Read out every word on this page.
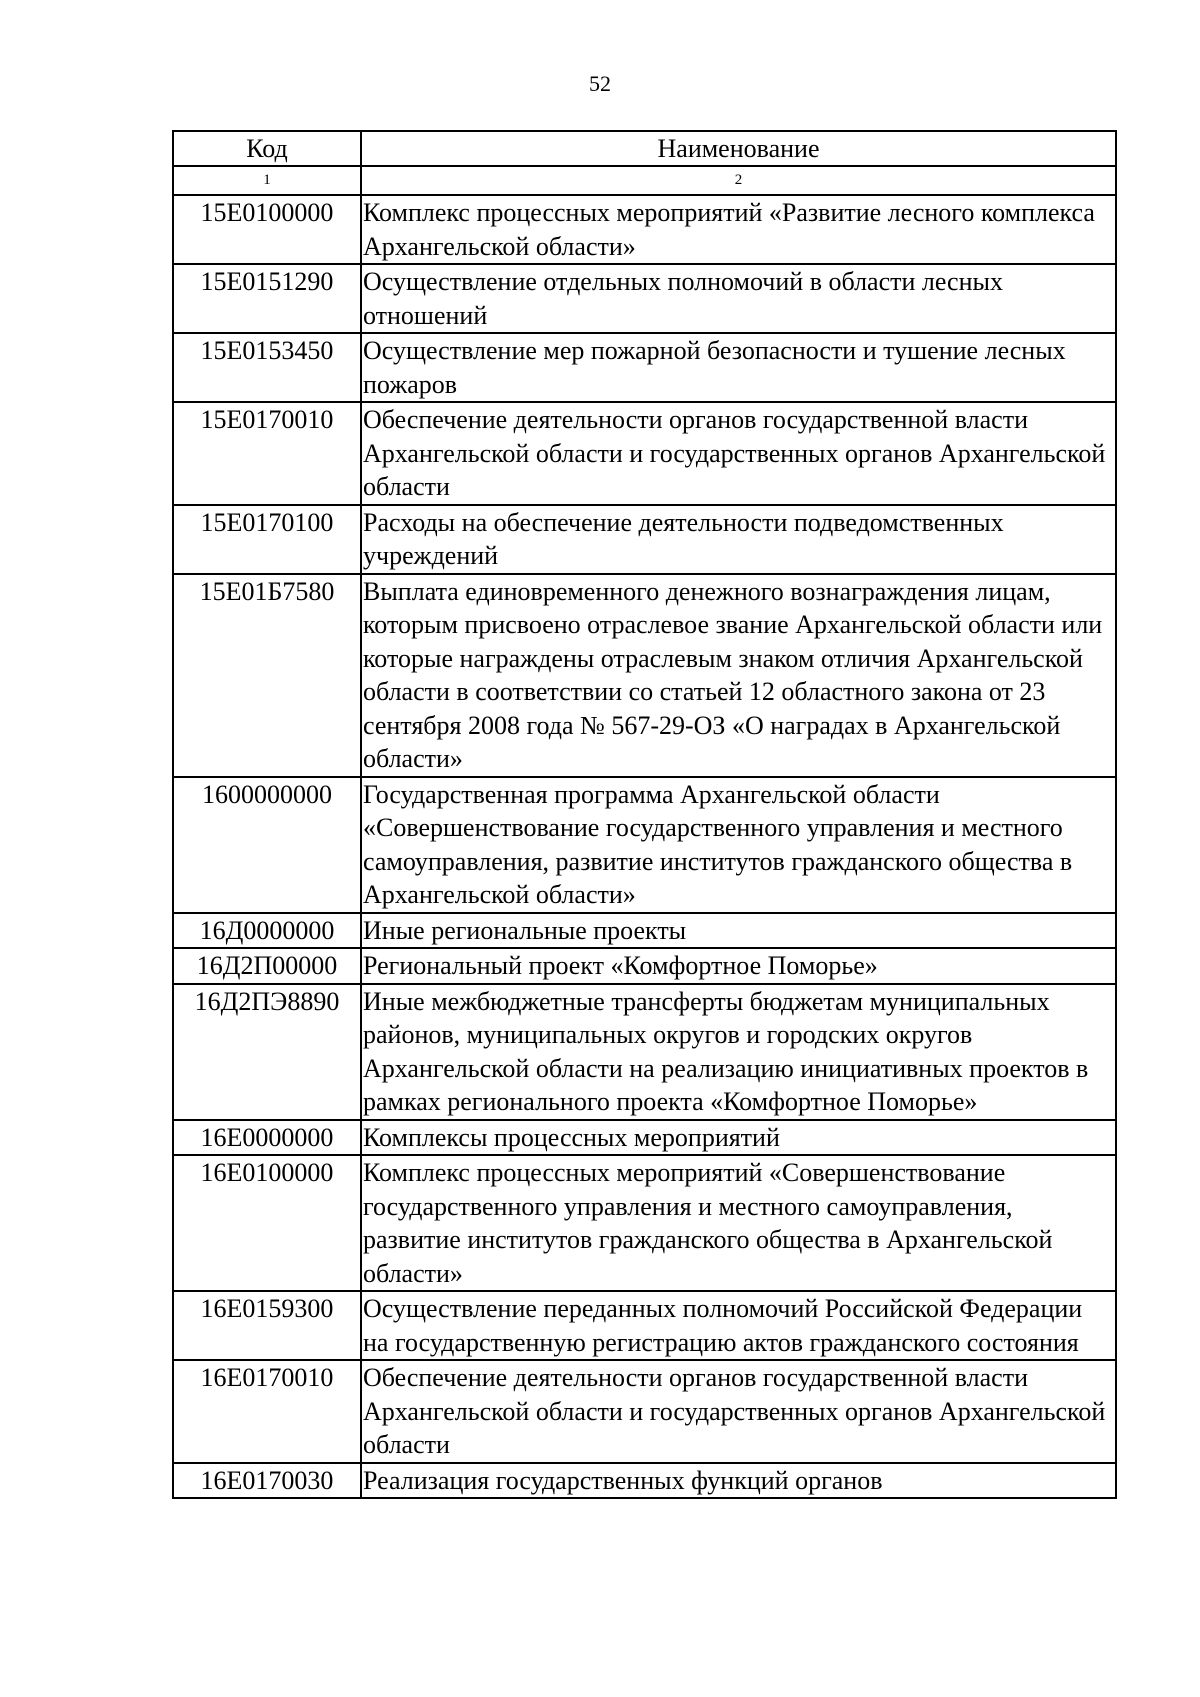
52
Код	Наименование
1	2
15Е0100000	Комплекс процессных мероприятий «Развитие лесного комплекса Архангельской области»
15Е0151290	Осуществление отдельных полномочий в области лесных отношений
15Е0153450	Осуществление мер пожарной безопасности и тушение лесных пожаров
15Е0170010	Обеспечение деятельности органов государственной власти Архангельской области и государственных органов Архангельской области
15Е0170100	Расходы на обеспечение деятельности подведомственных учреждений
15Е01Б7580	Выплата единовременного денежного вознаграждения лицам, которым присвоено отраслевое звание Архангельской области или которые награждены отраслевым знаком отличия Архангельской области в соответствии со статьей 12 областного закона от 23 сентября 2008 года № 567-29-ОЗ «О наградах в Архангельской области»
1600000000	Государственная программа Архангельской области «Совершенствование государственного управления и местного самоуправления, развитие институтов гражданского общества в Архангельской области»
16Д0000000	Иные региональные проекты
16Д2П00000	Региональный проект «Комфортное Поморье»
16Д2ПЭ8890	Иные межбюджетные трансферты бюджетам муниципальных районов, муниципальных округов и городских округов Архангельской области на реализацию инициативных проектов в рамках регионального проекта «Комфортное Поморье»
16Е0000000	Комплексы процессных мероприятий
16Е0100000	Комплекс процессных мероприятий «Совершенствование государственного управления и местного самоуправления, развитие институтов гражданского общества в Архангельской области»
16Е0159300	Осуществление переданных полномочий Российской Федерации на государственную регистрацию актов гражданского состояния
16Е0170010	Обеспечение деятельности органов государственной власти Архангельской области и государственных органов Архангельской области
16Е0170030	Реализация государственных функций органов
